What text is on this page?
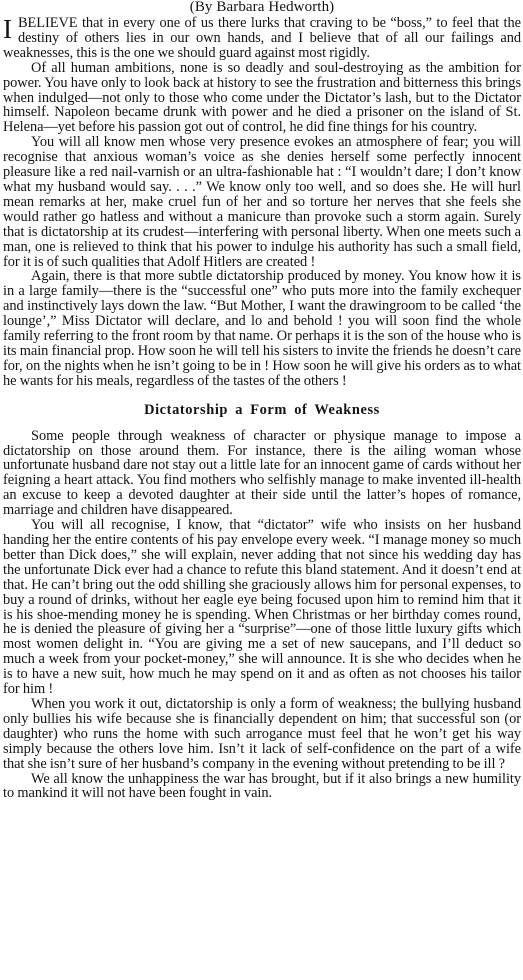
(By Barbara Hedworth)

I BELIEVE that in every one of us there lurks that craving to be “boss,” to feel that the destiny of others lies in our own hands, and I believe that of all our failings and weaknesses, this is the one we should guard against most rigidly.

Of all human ambitions, none is so deadly and soul-destroying as the ambition for power. You have only to look back at history to see the frustration and bitterness this brings when indulged—not only to those who come under the Dictator’s lash, but to the Dictator himself. Napoleon became drunk with power and he died a prisoner on the island of St. Helena—yet before his passion got out of control, he did fine things for his country.

You will all know men whose very presence evokes an atmosphere of fear; you will recognise that anxious woman’s voice as she denies herself some perfectly innocent pleasure like a red nail-varnish or an ultra-fashionable hat : “I wouldn’t dare; I don’t know what my husband would say. . . .” We know only too well, and so does she. He will hurl mean remarks at her, make cruel fun of her and so torture her nerves that she feels she would rather go hatless and without a manicure than provoke such a storm again. Surely that is dictatorship at its crudest—interfering with personal liberty. When one meets such a man, one is relieved to think that his power to indulge his authority has such a small field, for it is of such qualities that Adolf Hitlers are created !

Again, there is that more subtle dictatorship produced by money. You know how it is in a large family—there is the “successful one” who puts more into the family exchequer and instinctively lays down the law. “But Mother, I want the drawingroom to be called ‘the lounge’,” Miss Dictator will declare, and lo and behold ! you will soon find the whole family referring to the front room by that name. Or perhaps it is the son of the house who is its main financial prop. How soon he will tell his sisters to invite the friends he doesn’t care for, on the nights when he isn’t going to be in ! How soon he will give his orders as to what he wants for his meals, regardless of the tastes of the others !

Dictatorship a Form of Weakness

Some people through weakness of character or physique manage to impose a dictatorship on those around them. For instance, there is the ailing woman whose unfortunate husband dare not stay out a little late for an innocent game of cards without her feigning a heart attack. You find mothers who selfishly manage to make invented ill-health an excuse to keep a devoted daughter at their side until the latter’s hopes of romance, marriage and children have disappeared.

You will all recognise, I know, that “dictator” wife who insists on her husband handing her the entire contents of his pay envelope every week. “I manage money so much better than Dick does,” she will explain, never adding that not since his wedding day has the unfortunate Dick ever had a chance to refute this bland statement. And it doesn’t end at that. He can’t bring out the odd shilling she graciously allows him for personal expenses, to buy a round of drinks, without her eagle eye being focused upon him to remind him that it is his shoe-mending money he is spending. When Christmas or her birthday comes round, he is denied the pleasure of giving her a “surprise”—one of those little luxury gifts which most women delight in. “You are giving me a set of new saucepans, and I’ll deduct so much a week from your pocket-money,” she will announce. It is she who decides when he is to have a new suit, how much he may spend on it and as often as not chooses his tailor for him !

When you work it out, dictatorship is only a form of weakness; the bullying husband only bullies his wife because she is financially dependent on him; that successful son (or daughter) who runs the home with such arrogance must feel that he won’t get his way simply because the others love him. Isn’t it lack of self-confidence on the part of a wife that she isn’t sure of her husband’s company in the evening without pretending to be ill ?

We all know the unhappiness the war has brought, but if it also brings a new humility to mankind it will not have been fought in vain.
